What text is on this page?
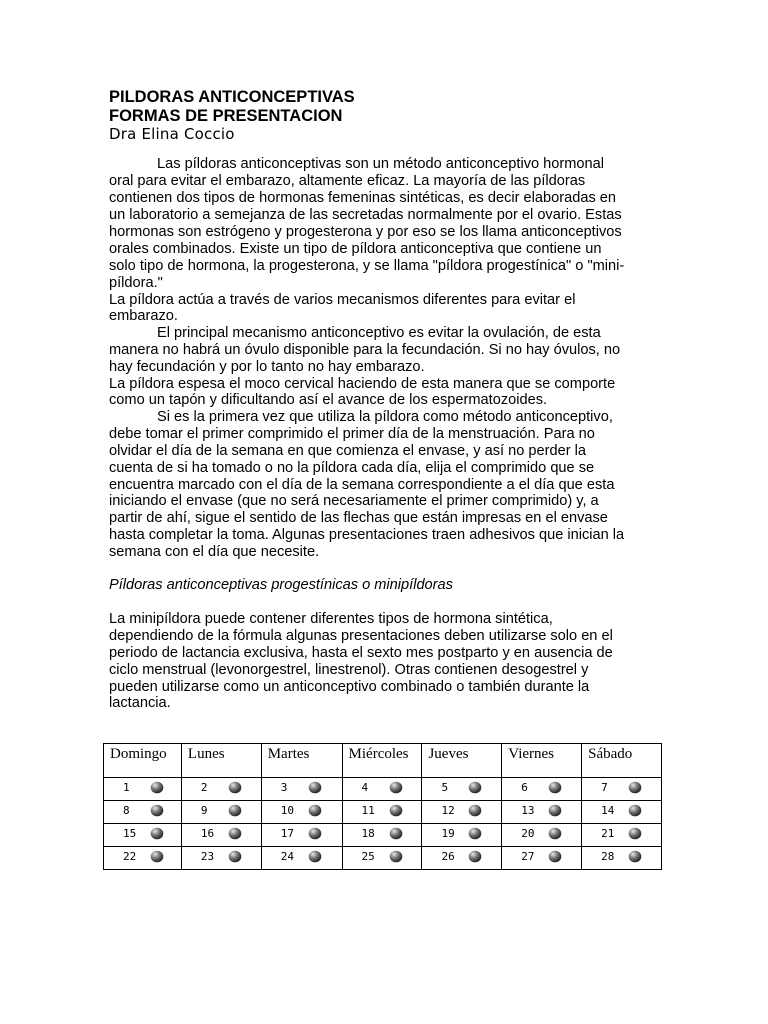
PILDORAS ANTICONCEPTIVAS
FORMAS DE PRESENTACION
Dra Elina Coccio
Las píldoras anticonceptivas son un método anticonceptivo hormonal
oral para evitar el embarazo, altamente eficaz. La mayoría de las píldoras
contienen dos tipos de hormonas femeninas sintéticas, es decir elaboradas en
un laboratorio a semejanza de las secretadas normalmente por el ovario. Estas
hormonas son estrógeno y progesterona y por eso se los llama anticonceptivos
orales combinados. Existe un tipo de píldora anticonceptiva que contiene un
solo tipo de hormona, la progesterona, y se llama "píldora progestínica" o "mini-
píldora."
La píldora actúa a través de varios mecanismos diferentes para evitar el
embarazo.
El principal mecanismo anticonceptivo es evitar la ovulación, de esta
manera no habrá un óvulo disponible para la fecundación. Si no hay óvulos, no
hay fecundación y por lo tanto no hay embarazo.
La píldora espesa el moco cervical haciendo de esta manera que se comporte
como un tapón y dificultando así el avance de los espermatozoides.
Si es la primera vez que utiliza la píldora como método anticonceptivo,
debe tomar el primer comprimido el primer día de la menstruación. Para no
olvidar el día de la semana en que comienza el envase, y así no perder la
cuenta de si ha tomado o no la píldora cada día, elija el comprimido que se
encuentra marcado con el día de la semana correspondiente a el día que esta
iniciando el envase (que no será necesariamente el primer comprimido) y, a
partir de ahí, sigue el sentido de las flechas que están impresas en el envase
hasta completar la toma. Algunas presentaciones traen adhesivos que inician la
semana con el día que necesite.
Píldoras anticonceptivas progestínicas o minipíldoras
La minipíldora puede contener diferentes tipos de hormona sintética,
dependiendo de la fórmula algunas presentaciones deben utilizarse solo en el
periodo de lactancia exclusiva, hasta el sexto mes postparto y en ausencia de
ciclo menstrual (levonorgestrel, linestrenol). Otras contienen desogestrel y
pueden utilizarse como un anticonceptivo combinado o también durante la
lactancia.
Domingo	Lunes	Martes	Miércoles	Jueves	Viernes	Sábado

1	2	3	4	5	6	7

8	9	10	11	12	13	14

15	16	17	18	19	20	21

22	23	24	25	26	27	28
